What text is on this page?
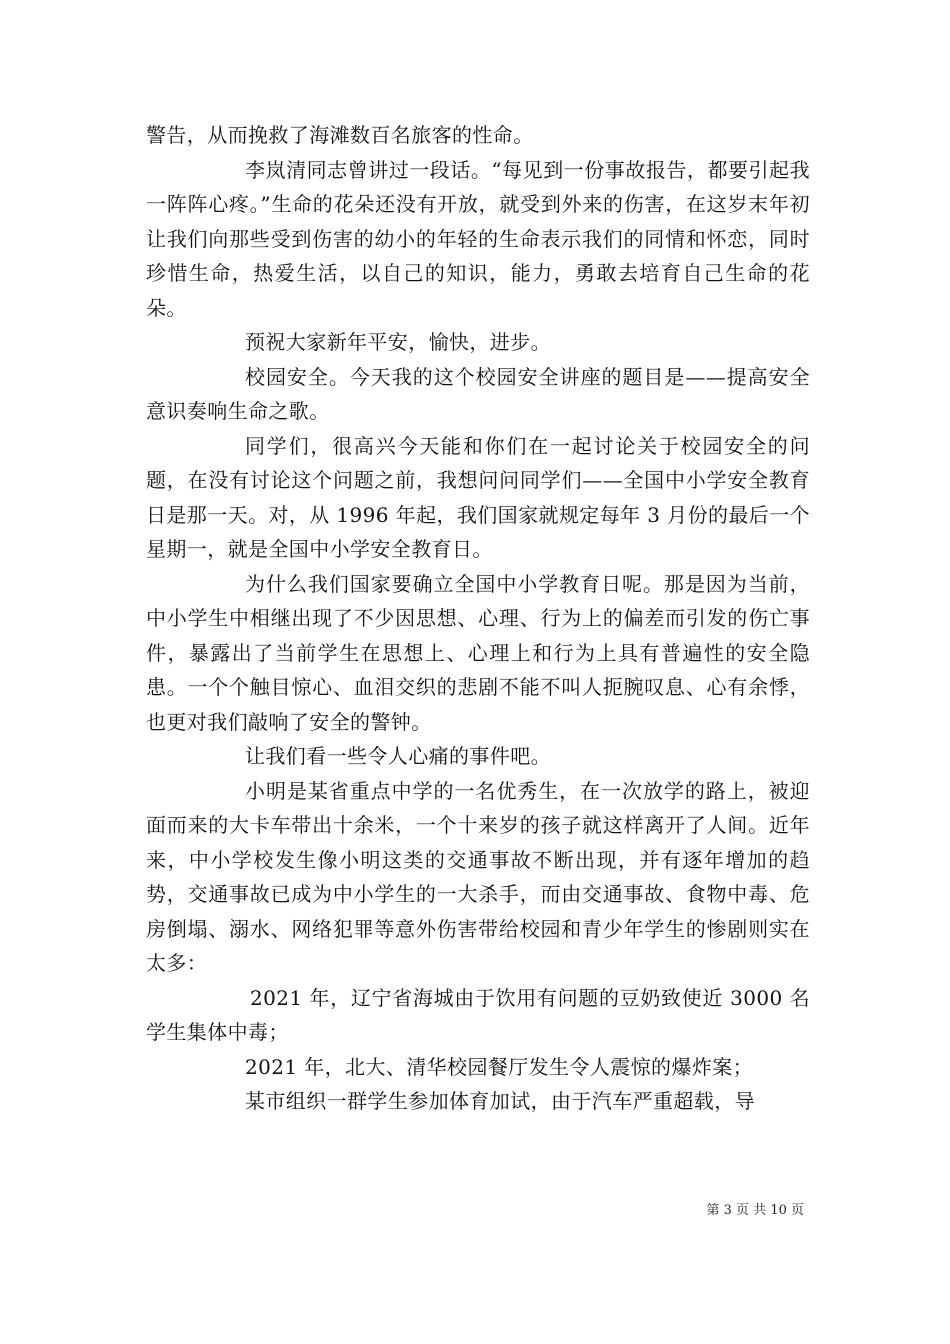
警告，从而挽救了海滩数百名旅客的性命。

李岚清同志曾讲过一段话。“每见到一份事故报告，都要引起我一阵阵心疼。”生命的花朵还没有开放，就受到外来的伤害，在这岁末年初让我们向那些受到伤害的幼小的年轻的生命表示我们的同情和怀恋，同时珍惜生命，热爱生活，以自己的知识，能力，勇敢去培育自己生命的花朵。

预祝大家新年平安，愉快，进步。

校园安全。今天我的这个校园安全讲座的题目是——提高安全意识奏响生命之歌。

同学们，很高兴今天能和你们在一起讨论关于校园安全的问题，在没有讨论这个问题之前，我想问问同学们——全国中小学安全教育日是那一天。对，从 1996 年起，我们国家就规定每年 3 月份的最后一个星期一，就是全国中小学安全教育日。

为什么我们国家要确立全国中小学教育日呢。那是因为当前，中小学生中相继出现了不少因思想、心理、行为上的偏差而引发的伤亡事件，暴露出了当前学生在思想上、心理上和行为上具有普遍性的安全隐患。一个个触目惊心、血泪交织的悲剧不能不叫人扼腕叹息、心有余悸，也更对我们敲响了安全的警钟。

让我们看一些令人心痛的事件吧。

小明是某省重点中学的一名优秀生，在一次放学的路上，被迎面而来的大卡车带出十余米，一个十来岁的孩子就这样离开了人间。近年来，中小学校发生像小明这类的交通事故不断出现，并有逐年增加的趋势，交通事故已成为中小学生的一大杀手，而由交通事故、食物中毒、危房倒塌、溺水、网络犯罪等意外伤害带给校园和青少年学生的惨剧则实在太多：

2021 年，辽宁省海城由于饮用有问题的豆奶致使近 3000 名学生集体中毒；

2021 年，北大、清华校园餐厅发生令人震惊的爆炸案；

某市组织一群学生参加体育加试，由于汽车严重超载，导

第 3 页 共 10 页
